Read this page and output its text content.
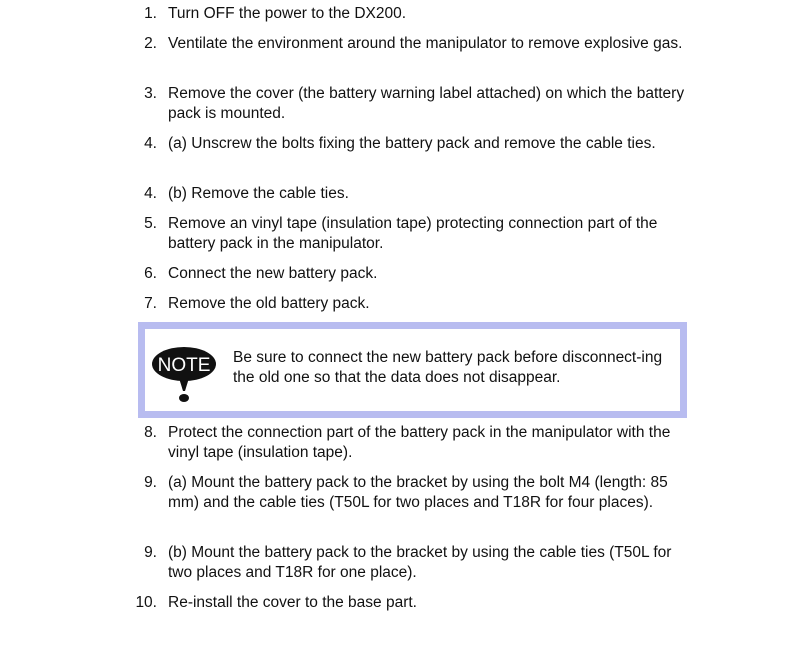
1. Turn OFF the power to the DX200.
2. Ventilate the environment around the manipulator to remove explosive gas.
3. Remove the cover (the battery warning label attached) on which the battery pack is mounted.
4. (a) Unscrew the bolts fixing the battery pack and remove the cable ties.
4. (b) Remove the cable ties.
5. Remove an vinyl tape (insulation tape) protecting connection part of the battery pack in the manipulator.
6. Connect the new battery pack.
7. Remove the old battery pack.
NOTE Be sure to connect the new battery pack before disconnect-ing the old one so that the data does not disappear.
8. Protect the connection part of the battery pack in the manipulator with the vinyl tape (insulation tape).
9. (a) Mount the battery pack to the bracket by using the bolt M4 (length: 85 mm) and the cable ties (T50L for two places and T18R for four places).
9. (b) Mount the battery pack to the bracket by using the cable ties (T50L for two places and T18R for one place).
10. Re-install the cover to the base part.
